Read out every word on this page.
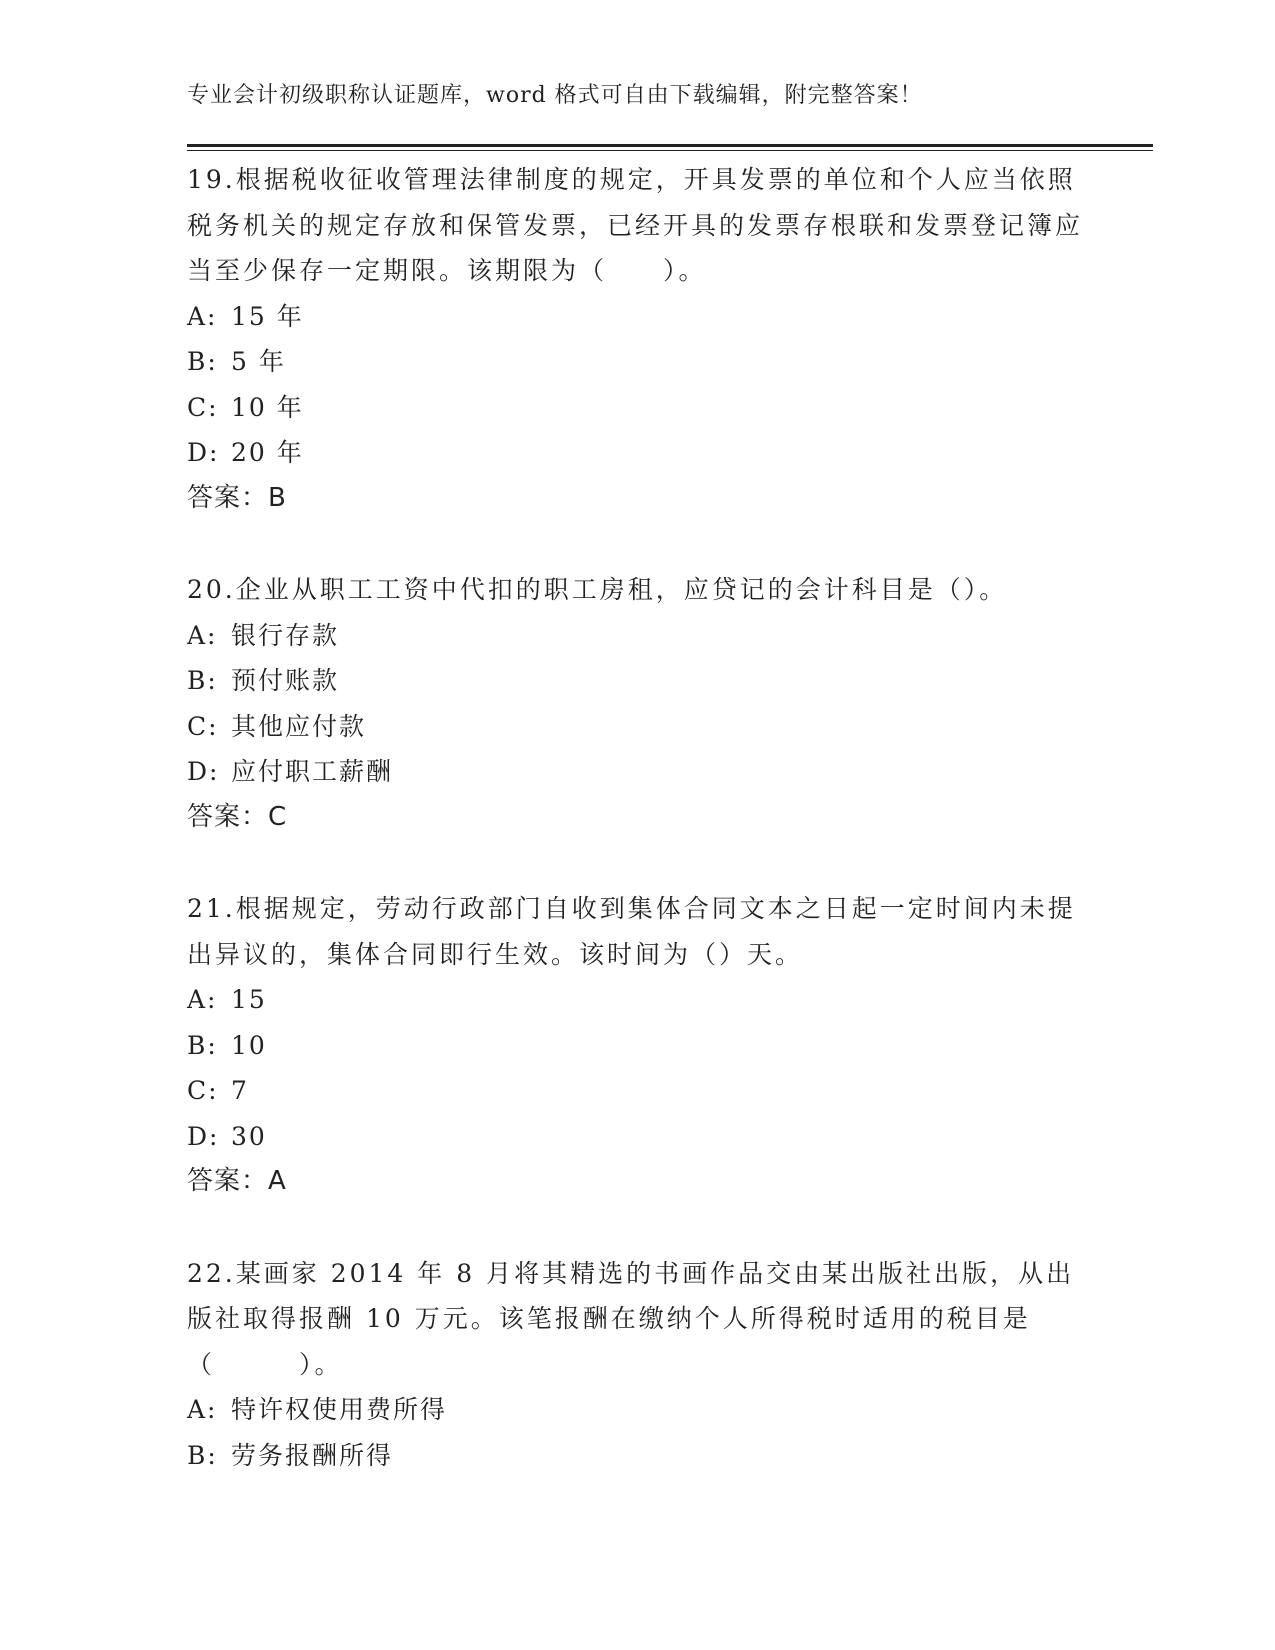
专业会计初级职称认证题库，word 格式可自由下载编辑，附完整答案！

19.根据税收征收管理法律制度的规定，开具发票的单位和个人应当依照税务机关的规定存放和保管发票，已经开具的发票存根联和发票登记簿应当至少保存一定期限。该期限为（　　）。

A: 15 年
B: 5 年
C: 10 年
D: 20 年
答案：B

20.企业从职工工资中代扣的职工房租，应贷记的会计科目是（）。

A: 银行存款
B: 预付账款
C: 其他应付款
D: 应付职工薪酬
答案：C

21.根据规定，劳动行政部门自收到集体合同文本之日起一定时间内未提出异议的，集体合同即行生效。该时间为（）天。

A: 15
B: 10
C: 7
D: 30
答案：A

22.某画家 2014 年 8 月将其精选的书画作品交由某出版社出版，从出版社取得报酬 10 万元。该笔报酬在缴纳个人所得税时适用的税目是（　　　）。

A: 特许权使用费所得
B: 劳务报酬所得
